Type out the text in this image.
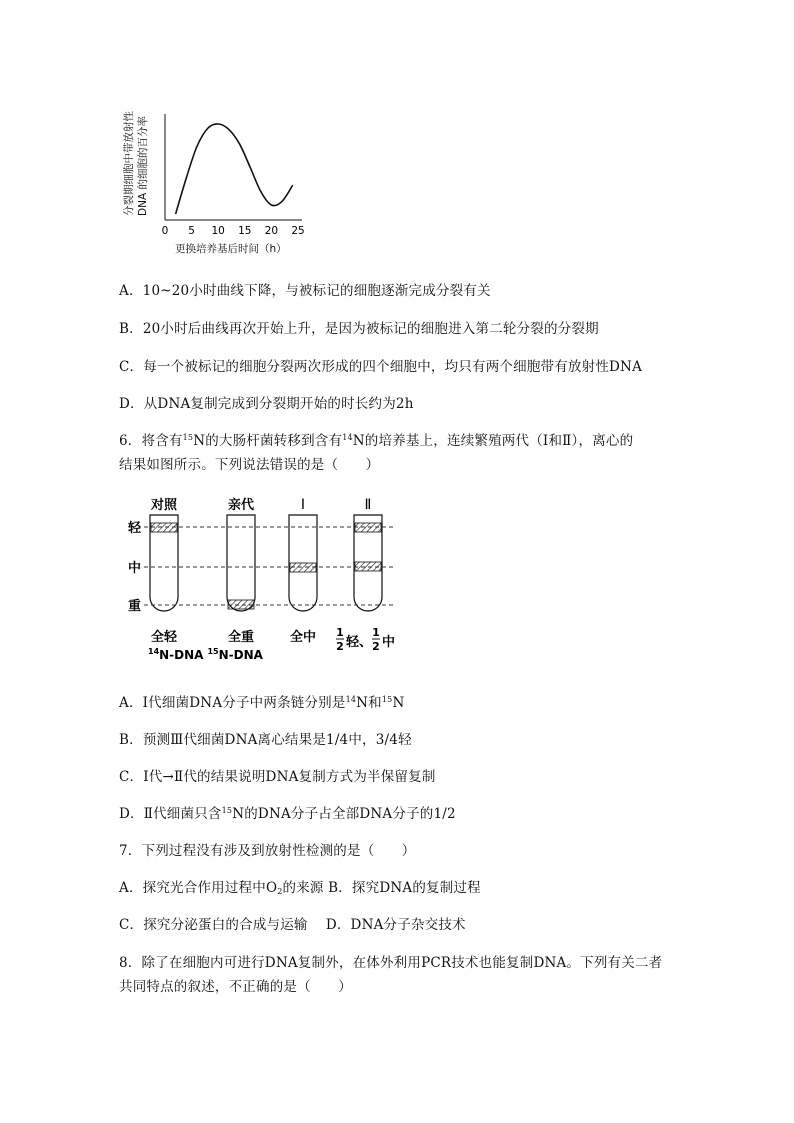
分裂期细胞中带放射性 DNA 的细胞的百分率
0 5 10 15 20 25
更换培养基后时间（h）
A．10~20小时曲线下降，与被标记的细胞逐渐完成分裂有关
B．20小时后曲线再次开始上升，是因为被标记的细胞进入第二轮分裂的分裂期
C．每一个被标记的细胞分裂两次形成的四个细胞中，均只有两个细胞带有放射性DNA
D．从DNA复制完成到分裂期开始的时长约为2h
6．将含有$^{15}$N的大肠杆菌转移到含有$^{14}$N的培养基上，连续繁殖两代（Ⅰ和Ⅱ），离心的
结果如图所示。下列说法错误的是（　　）
对照	亲代	Ⅰ	Ⅱ
轻
中
重
全轻	全重	全中 1
2 轻、
1
2 中
$^{14}$N-DNA $^{15}$N-DNA
A．Ⅰ代细菌DNA分子中两条链分别是$^{14}$N和$^{15}$N
B．预测Ⅲ代细菌DNA离心结果是1/4中，3/4轻
C．Ⅰ代→Ⅱ代的结果说明DNA复制方式为半保留复制
D．Ⅱ代细菌只含$^{15}$N的DNA分子占全部DNA分子的1/2
7．下列过程没有涉及到放射性检测的是（　　）
A．探究光合作用过程中$O_2$的来源 B．探究DNA的复制过程
C．探究分泌蛋白的合成与运输　 D．DNA分子杂交技术
8．除了在细胞内可进行DNA复制外，在体外利用PCR技术也能复制DNA。下列有关二者
共同特点的叙述，不正确的是（　　）
